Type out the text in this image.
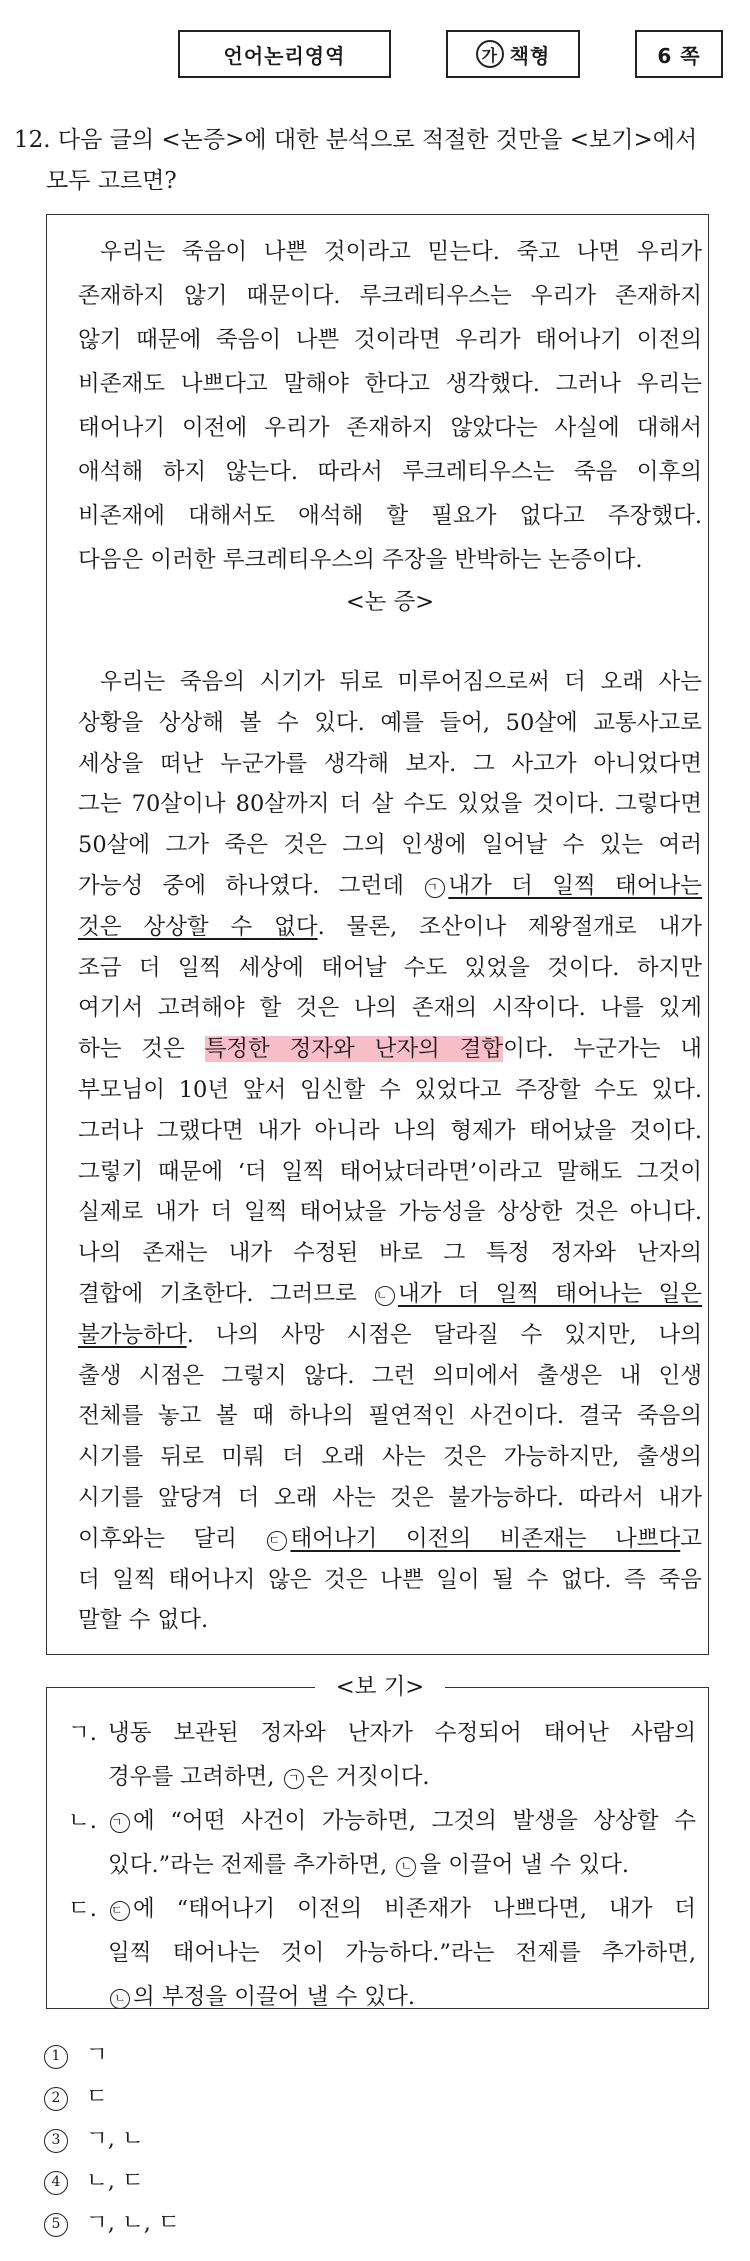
언어논리영역	가 책형	6 쪽
12. 다음 글의 <논증>에 대한 분석으로 적절한 것만을 <보기>에서
모두 고르면?
우리는 죽음이 나쁜 것이라고 믿는다. 죽고 나면 우리가
존재하지 않기 때문이다. 루크레티우스는 우리가 존재하지
않기 때문에 죽음이 나쁜 것이라면 우리가 태어나기 이전의
비존재도 나쁘다고 말해야 한다고 생각했다. 그러나 우리는
태어나기 이전에 우리가 존재하지 않았다는 사실에 대해서
애석해 하지 않는다. 따라서 루크레티우스는 죽음 이후의
비존재에 대해서도 애석해 할 필요가 없다고 주장했다.
다음은 이러한 루크레티우스의 주장을 반박하는 논증이다.
<논 증>
우리는 죽음의 시기가 뒤로 미루어짐으로써 더 오래 사는
상황을 상상해 볼 수 있다. 예를 들어, 50살에 교통사고로
세상을 떠난 누군가를 생각해 보자. 그 사고가 아니었다면
그는 70살이나 80살까지 더 살 수도 있었을 것이다. 그렇다면
50살에 그가 죽은 것은 그의 인생에 일어날 수 있는 여러
가능성 중에 하나였다. 그런데 ㄱ 내가 더 일찍 태어나는
것은 상상할 수 없다. 물론, 조산이나 제왕절개로 내가
조금 더 일찍 세상에 태어날 수도 있었을 것이다. 하지만
여기서 고려해야 할 것은 나의 존재의 시작이다. 나를 있게
하는 것은 특정한 정자와 난자의 결합이다. 누군가는 내
부모님이 10년 앞서 임신할 수 있었다고 주장할 수도 있다.
그러나 그랬다면 내가 아니라 나의 형제가 태어났을 것이다.
그렇기 때문에 ‘더 일찍 태어났더라면’이라고 말해도 그것이
실제로 내가 더 일찍 태어났을 가능성을 상상한 것은 아니다.
나의 존재는 내가 수정된 바로 그 특정 정자와 난자의
결합에 기초한다. 그러므로 ㄴ 내가 더 일찍 태어나는 일은
불가능하다. 나의 사망 시점은 달라질 수 있지만, 나의
출생 시점은 그렇지 않다. 그런 의미에서 출생은 내 인생
전체를 놓고 볼 때 하나의 필연적인 사건이다. 결국 죽음의
시기를 뒤로 미뤄 더 오래 사는 것은 가능하지만, 출생의
시기를 앞당겨 더 오래 사는 것은 불가능하다. 따라서 내가
더 일찍 태어나지 않은 것은 나쁜 일이 될 수 없다. 즉 죽음
<보 기>
ㄱ. 냉동 보관된 정자와 난자가 수정되어 태어난 사람의
경우를 고려하면, ㄱ 은 거짓이다.
ㄴ. ㄱ 에 “어떤 사건이 가능하면, 그것의 발생을 상상할 수
있다.”라는 전제를 추가하면, ㄴ 을 이끌어 낼 수 있다.
ㄷ. ㄷ 에 “태어나기 이전의 비존재가 나쁘다면, 내가 더
1 ㄱ
2 ㄷ
3 ㄱ, ㄴ
4 ㄴ, ㄷ
5 ㄱ, ㄴ, ㄷ
이후와는 달리 ㄷ 태어나기 이전의 비존재는 나쁘다고
말할 수 없다.
일찍 태어나는 것이 가능하다.”라는 전제를 추가하면,
ㄴ 의 부정을 이끌어 낼 수 있다.
